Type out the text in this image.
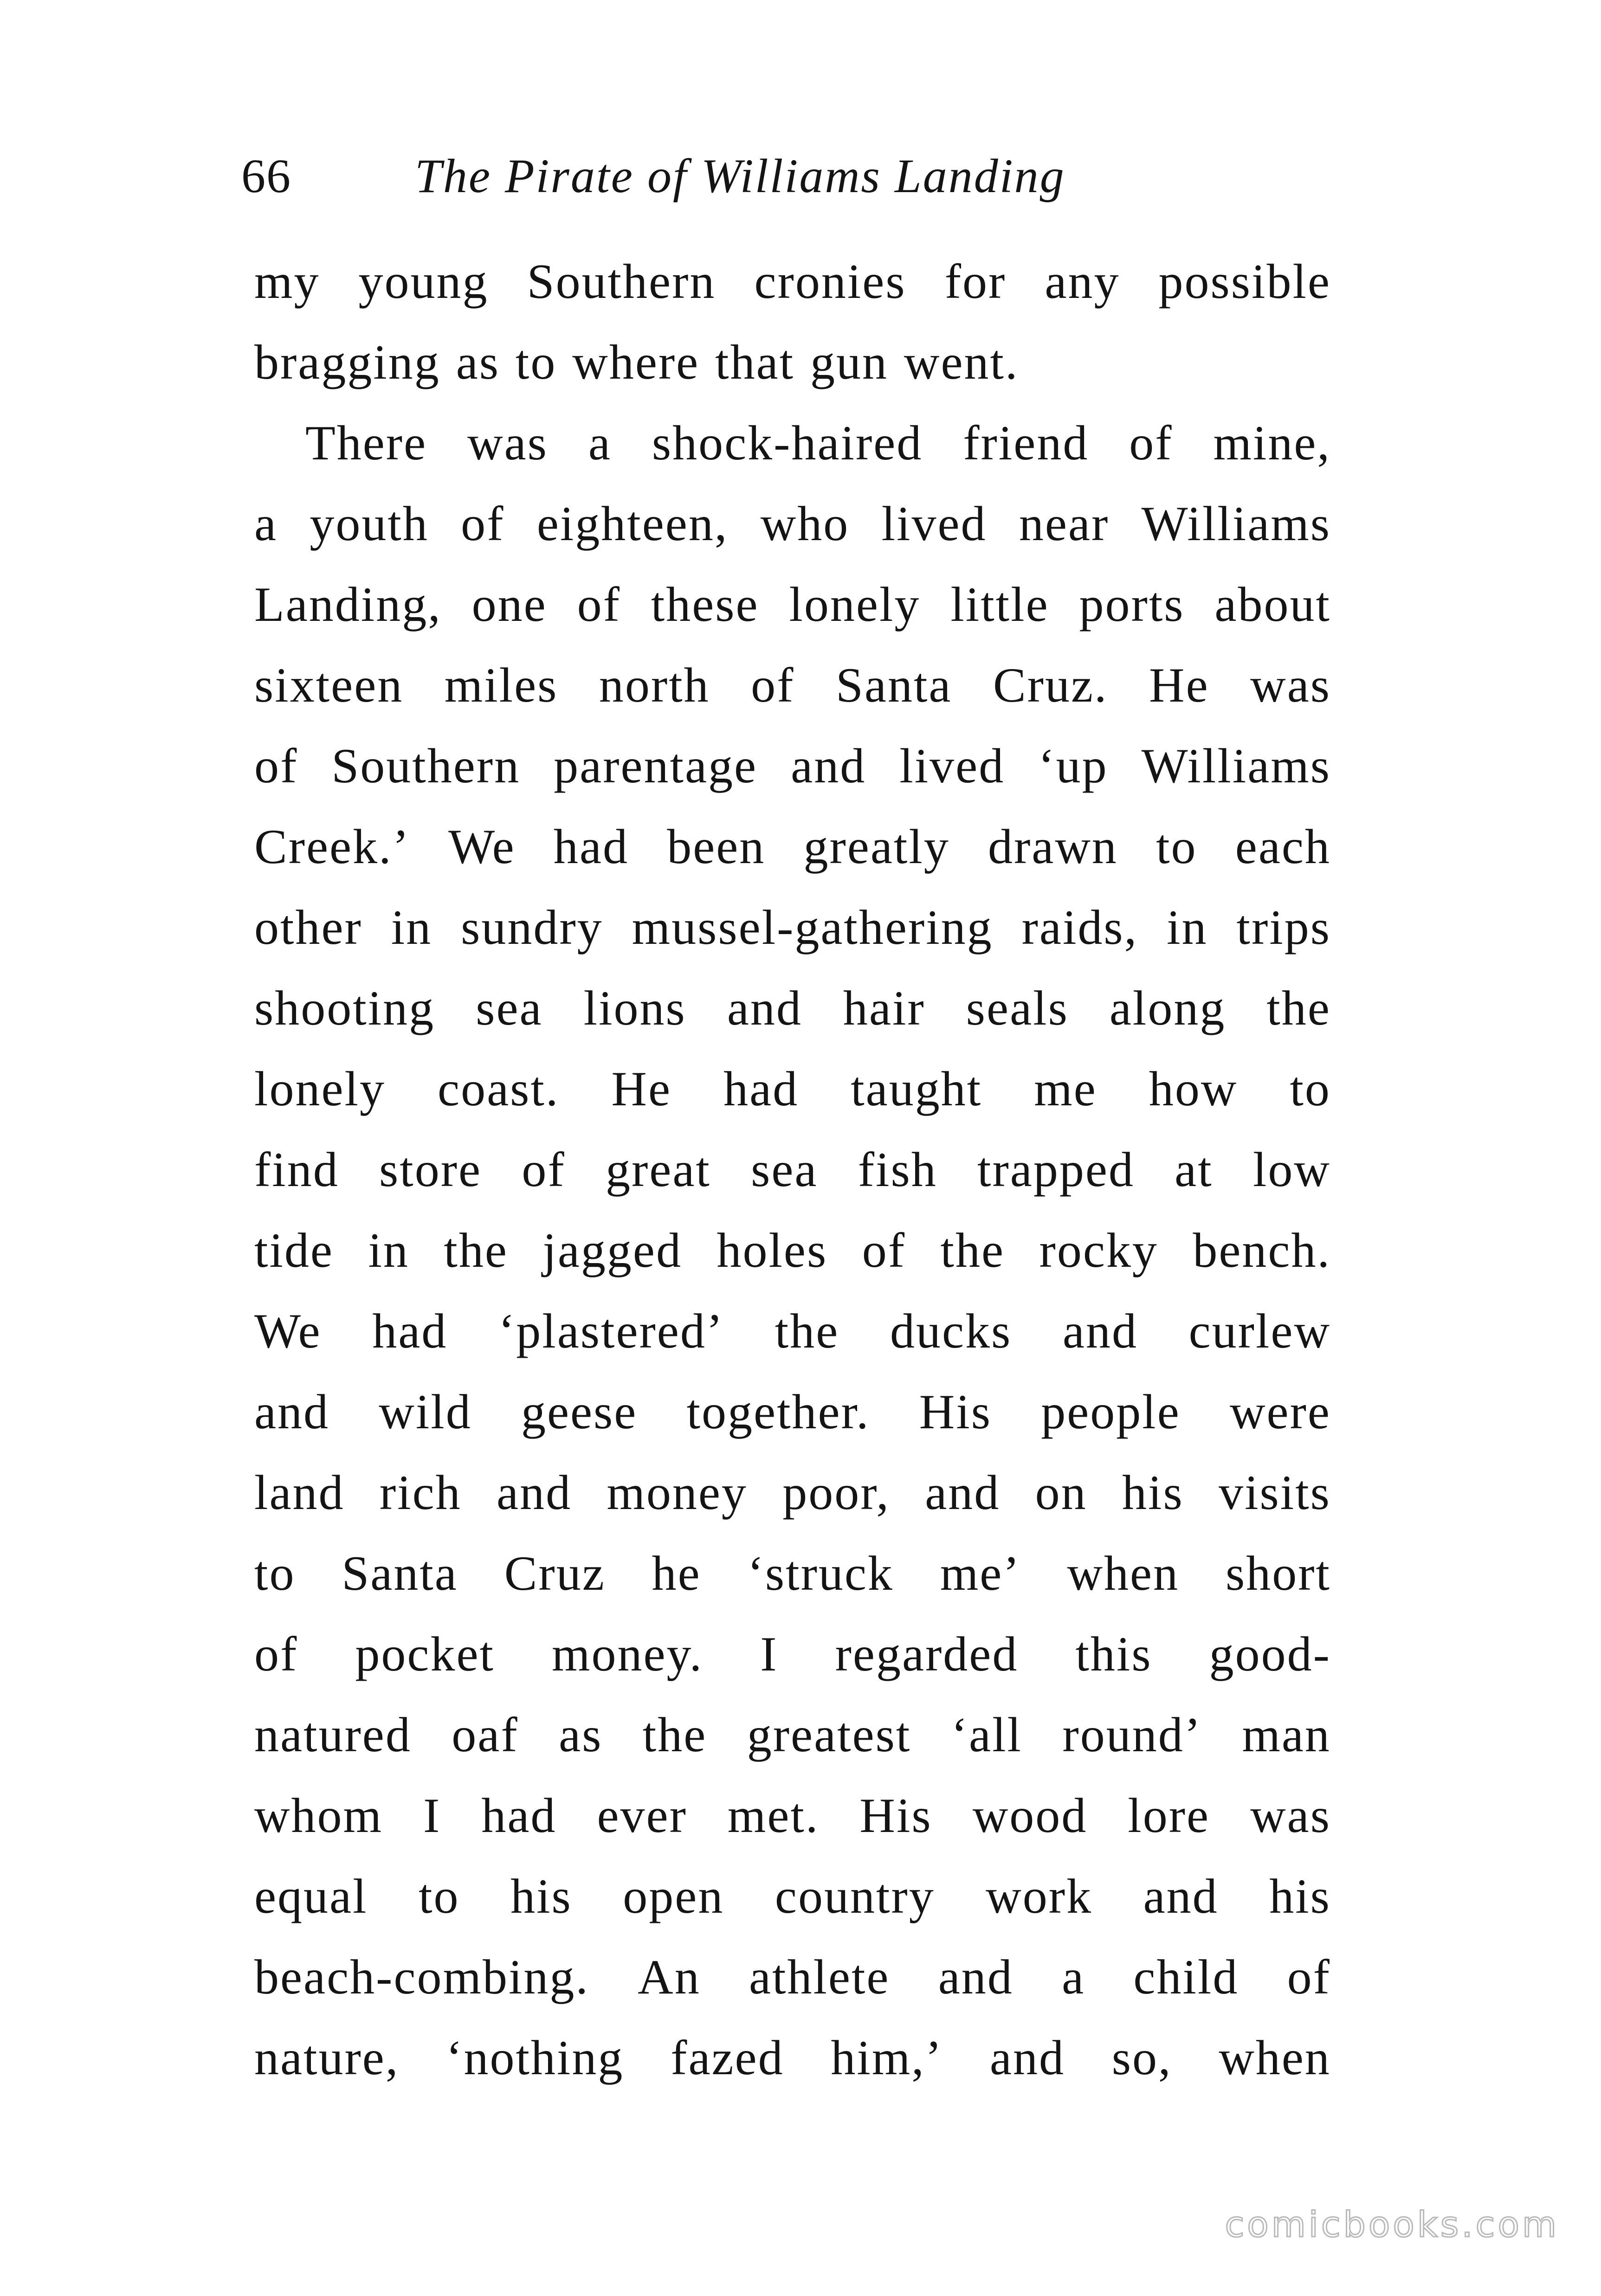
66	The Pirate of Williams Landing
my young Southern cronies for any possible
bragging as to where that gun went.
There was a shock-haired friend of mine,
a youth of eighteen, who lived near Williams
Landing, one of these lonely little ports about
sixteen miles north of Santa Cruz. He was
of Southern parentage and lived ‘up Williams
Creek.’ We had been greatly drawn to each
other in sundry mussel-gathering raids, in trips
shooting sea lions and hair seals along the
lonely coast. He had taught me how to
find store of great sea fish trapped at low
tide in the jagged holes of the rocky bench.
We had ‘plastered’ the ducks and curlew
and wild geese together. His people were
land rich and money poor, and on his visits
to Santa Cruz he ‘struck me’ when short
of pocket money. I regarded this good-
natured oaf as the greatest ‘all round’ man
whom I had ever met. His wood lore was
equal to his open country work and his
beach-combing. An athlete and a child of
nature, ‘nothing fazed him,’ and so, when
comicbooks.com
